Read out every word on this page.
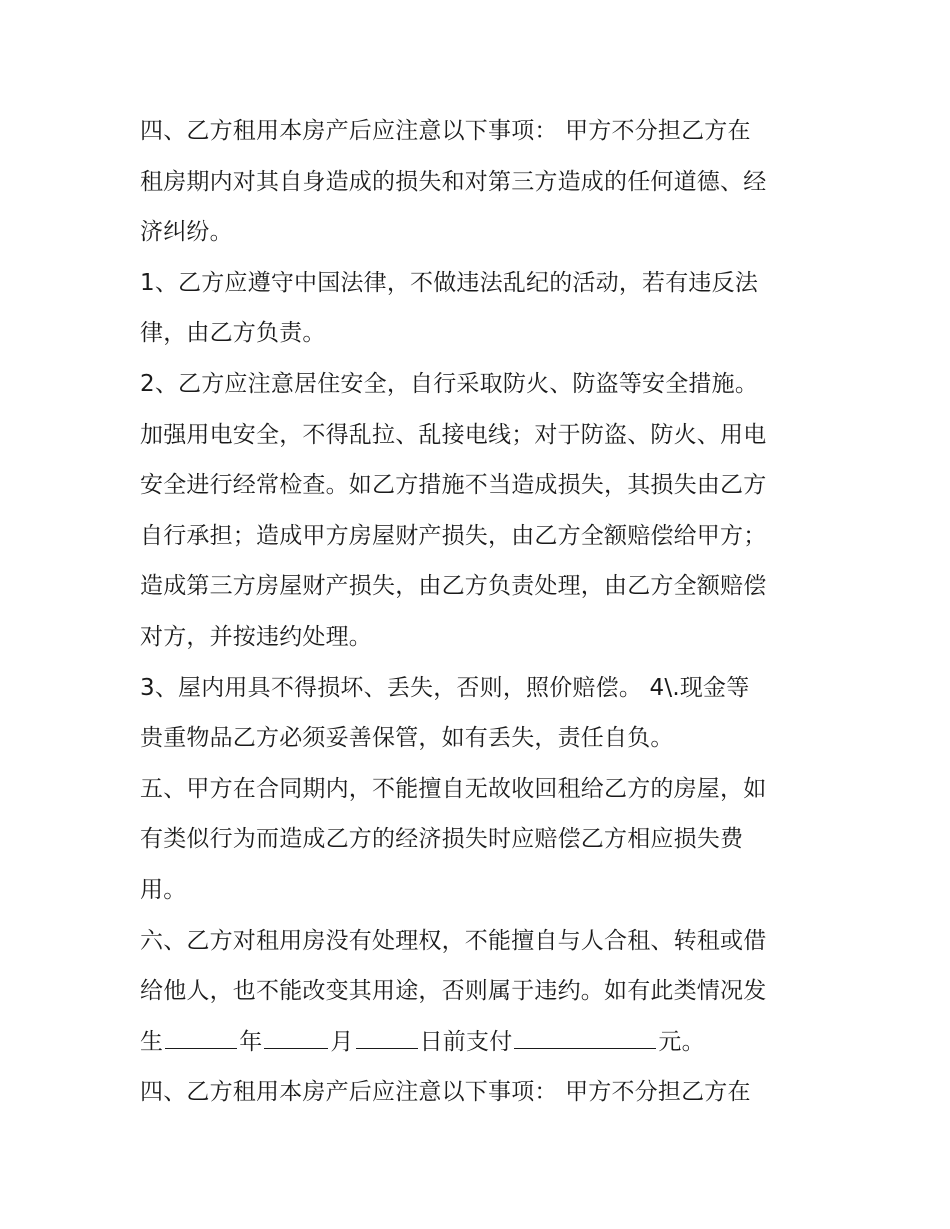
四、乙方租用本房产后应注意以下事项： 甲方不分担乙方在
租房期内对其自身造成的损失和对第三方造成的任何道德、经
济纠纷。

1、乙方应遵守中国法律，不做违法乱纪的活动，若有违反法
律，由乙方负责。

2、乙方应注意居住安全，自行采取防火、防盗等安全措施。
加强用电安全，不得乱拉、乱接电线；对于防盗、防火、用电
安全进行经常检查。如乙方措施不当造成损失，其损失由乙方
自行承担；造成甲方房屋财产损失，由乙方全额赔偿给甲方；
造成第三方房屋财产损失，由乙方负责处理，由乙方全额赔偿
对方，并按违约处理。

3、屋内用具不得损坏、丢失，否则，照价赔偿。 4\.现金等
贵重物品乙方必须妥善保管，如有丢失，责任自负。

五、甲方在合同期内，不能擅自无故收回租给乙方的房屋，如
有类似行为而造成乙方的经济损失时应赔偿乙方相应损失费
用。

六、乙方对租用房没有处理权，不能擅自与人合租、转租或借
给他人，也不能改变其用途，否则属于违约。如有此类情况发
生	年	月	日前支付	元。

四、乙方租用本房产后应注意以下事项： 甲方不分担乙方在
